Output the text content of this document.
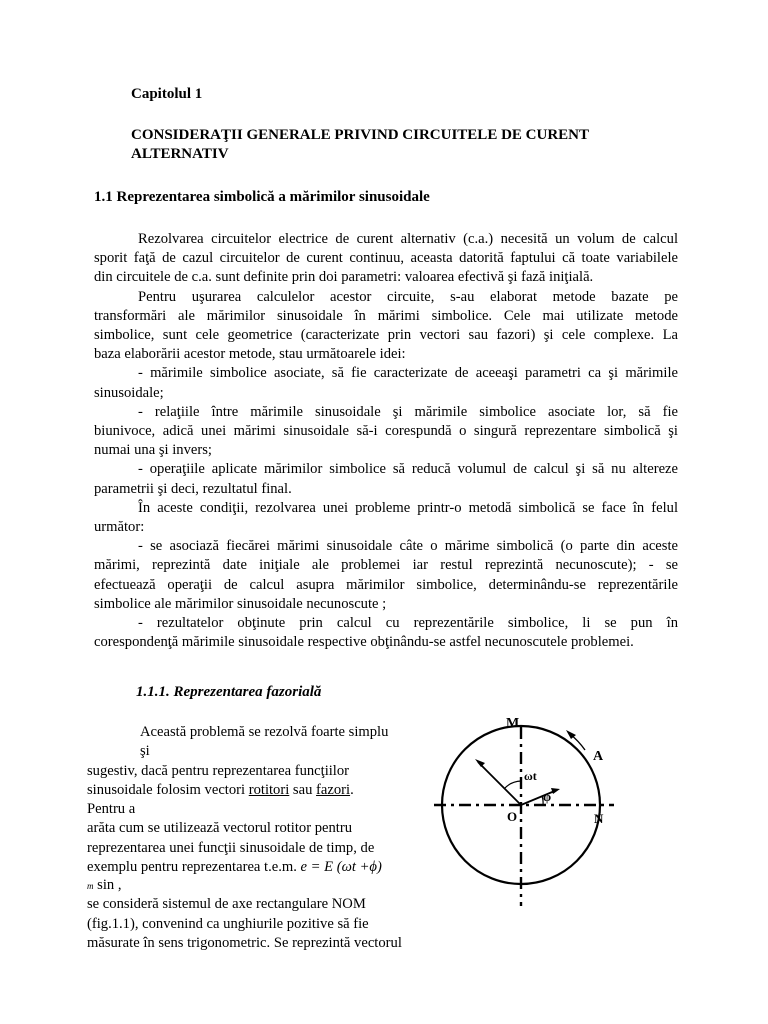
Capitolul 1
CONSIDERAŢII GENERALE PRIVIND CIRCUITELE DE CURENT
ALTERNATIV
1.1 Reprezentarea simbolică a mărimilor sinusoidale
Rezolvarea circuitelor electrice de curent alternativ (c.a.) necesită un volum de calcul
sporit faţă de cazul circuitelor de curent continuu, aceasta datorită faptului că toate variabilele
din circuitele de c.a. sunt definite prin doi parametri: valoarea efectivă şi fază iniţială.
Pentru uşurarea calculelor acestor circuite, s-au elaborat metode bazate pe
transformări ale mărimilor sinusoidale în mărimi simbolice. Cele mai utilizate metode
simbolice, sunt cele geometrice (caracterizate prin vectori sau fazori) şi cele complexe. La
baza elaborării acestor metode, stau următoarele idei:
- mărimile simbolice asociate, să fie caracterizate de aceeaşi parametri ca şi mărimile
sinusoidale;
- relaţiile între mărimile sinusoidale şi mărimile simbolice asociate lor, să fie
biunivoce, adică unei mărimi sinusoidale să-i corespundă o singură reprezentare simbolică şi
numai una şi invers;
- operaţiile aplicate mărimilor simbolice să reducă volumul de calcul şi să nu altereze
parametrii şi deci, rezultatul final.
În aceste condiţii, rezolvarea unei probleme printr-o metodă simbolică se face în felul
următor:
- se asociază fiecărei mărimi sinusoidale câte o mărime simbolică (o parte din aceste
mărimi, reprezintă date iniţiale ale problemei iar restul reprezintă necunoscute); - se
efectuează operaţii de calcul asupra mărimilor simbolice, determinându-se reprezentările
simbolice ale mărimilor sinusoidale necunoscute ;
- rezultatelor obţinute prin calcul cu reprezentările simbolice, li se pun în
corespondenţă mărimile sinusoidale respective obţinându-se astfel necunoscutele problemei.
1.1.1. Reprezentarea fazorială
Această problemă se rezolvă foarte simplu
şi
sugestiv, dacă pentru reprezentarea funcţiilor
sinusoidale folosim vectori rotitori sau fazori.
Pentru a
arăta cum se utilizează vectorul rotitor pentru
reprezentarea unei funcţii sinusoidale de timp, de
exemplu pentru reprezentarea t.e.m. e = E (ωt +ϕ)
m sin ,
se consideră sistemul de axe rectangulare NOM
(fig.1.1), convenind ca unghiurile pozitive să fie
măsurate în sens trigonometric. Se reprezintă vectorul
M
N
O
A
ωt
φ
